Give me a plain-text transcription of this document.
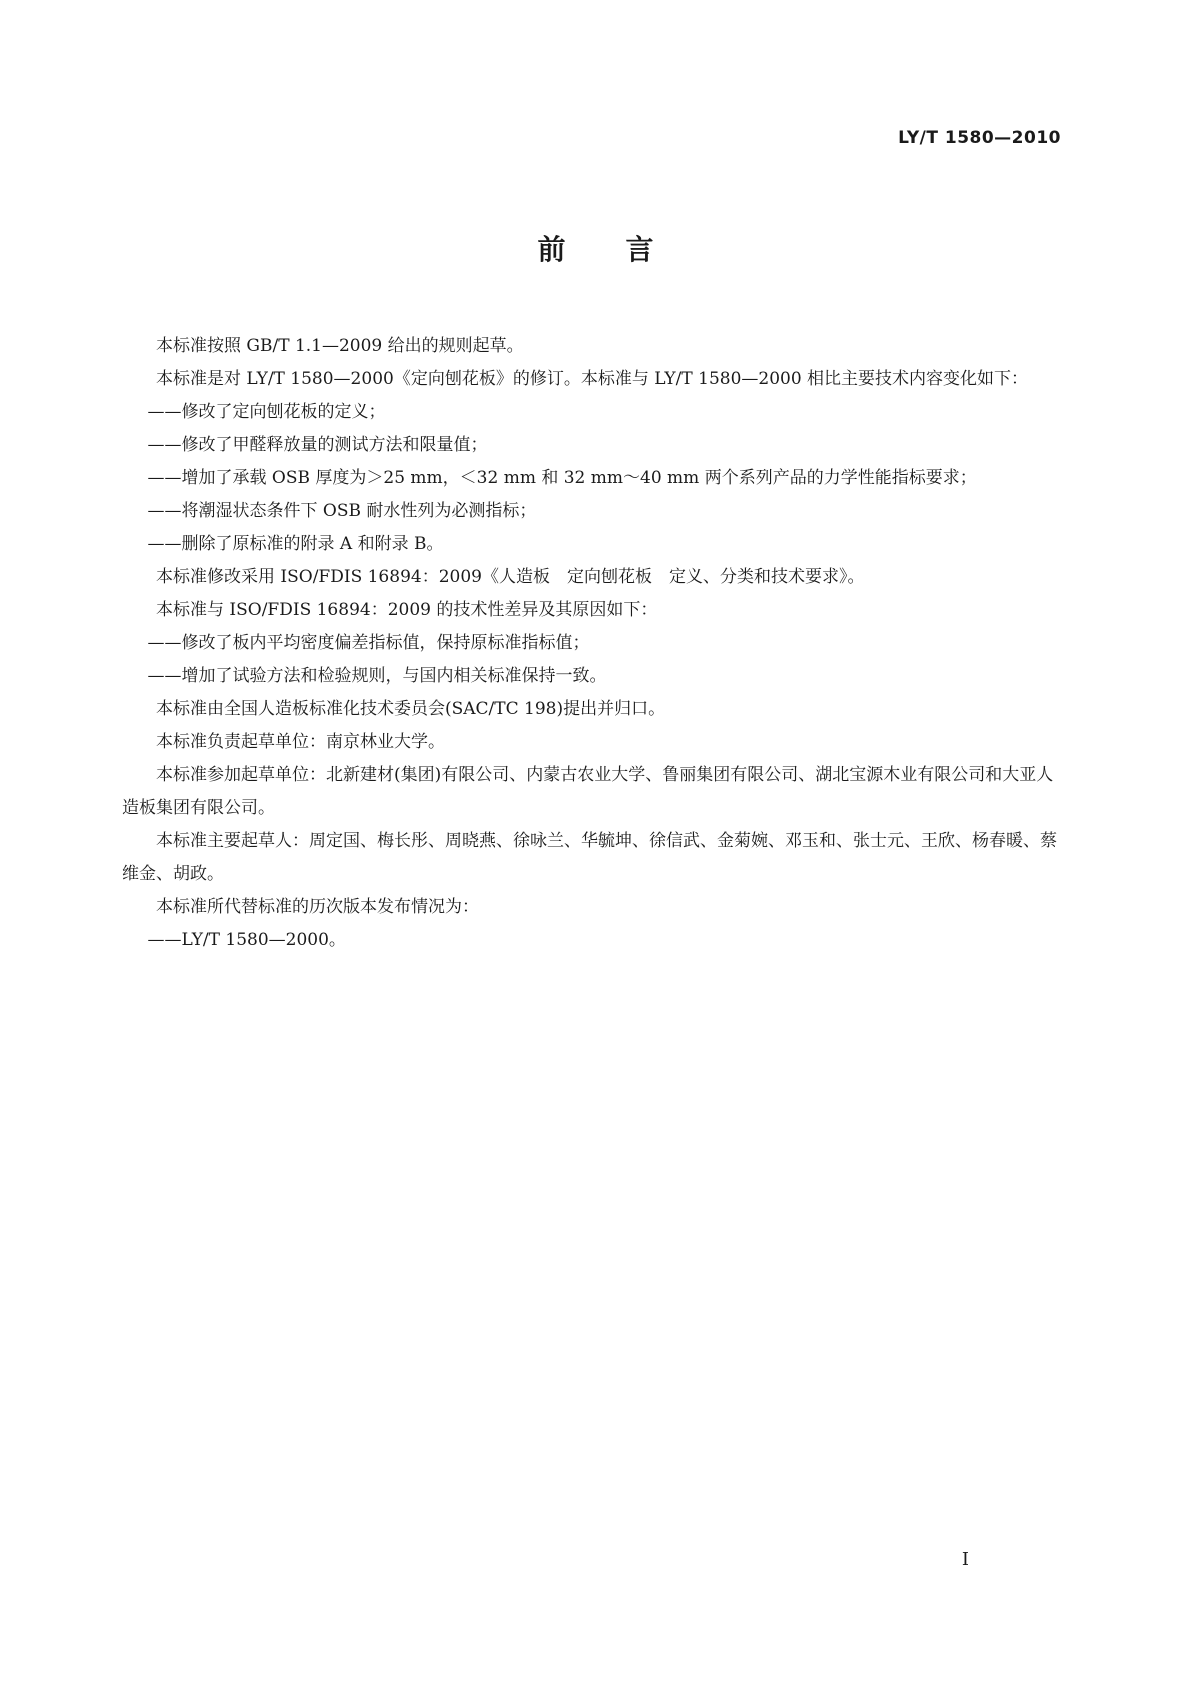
LY/T 1580—2010

前言

本标准按照 GB/T 1.1—2009 给出的规则起草。

本标准是对 LY/T 1580—2000《定向刨花板》的修订。本标准与 LY/T 1580—2000 相比主要技术内容变化如下：

——修改了定向刨花板的定义；

——修改了甲醛释放量的测试方法和限量值；

——增加了承载 OSB 厚度为＞25 mm，＜32 mm 和 32 mm～40 mm 两个系列产品的力学性能指标要求；

——将潮湿状态条件下 OSB 耐水性列为必测指标；

——删除了原标准的附录 A 和附录 B。

本标准修改采用 ISO/FDIS 16894：2009《人造板　定向刨花板　定义、分类和技术要求》。

本标准与 ISO/FDIS 16894：2009 的技术性差异及其原因如下：

——修改了板内平均密度偏差指标值，保持原标准指标值；

——增加了试验方法和检验规则，与国内相关标准保持一致。

本标准由全国人造板标准化技术委员会(SAC/TC 198)提出并归口。

本标准负责起草单位：南京林业大学。

本标准参加起草单位：北新建材(集团)有限公司、内蒙古农业大学、鲁丽集团有限公司、湖北宝源木业有限公司和大亚人造板集团有限公司。

本标准主要起草人：周定国、梅长彤、周晓燕、徐咏兰、华毓坤、徐信武、金菊婉、邓玉和、张士元、王欣、杨春暖、蔡维金、胡政。

本标准所代替标准的历次版本发布情况为：

——LY/T 1580—2000。

I
